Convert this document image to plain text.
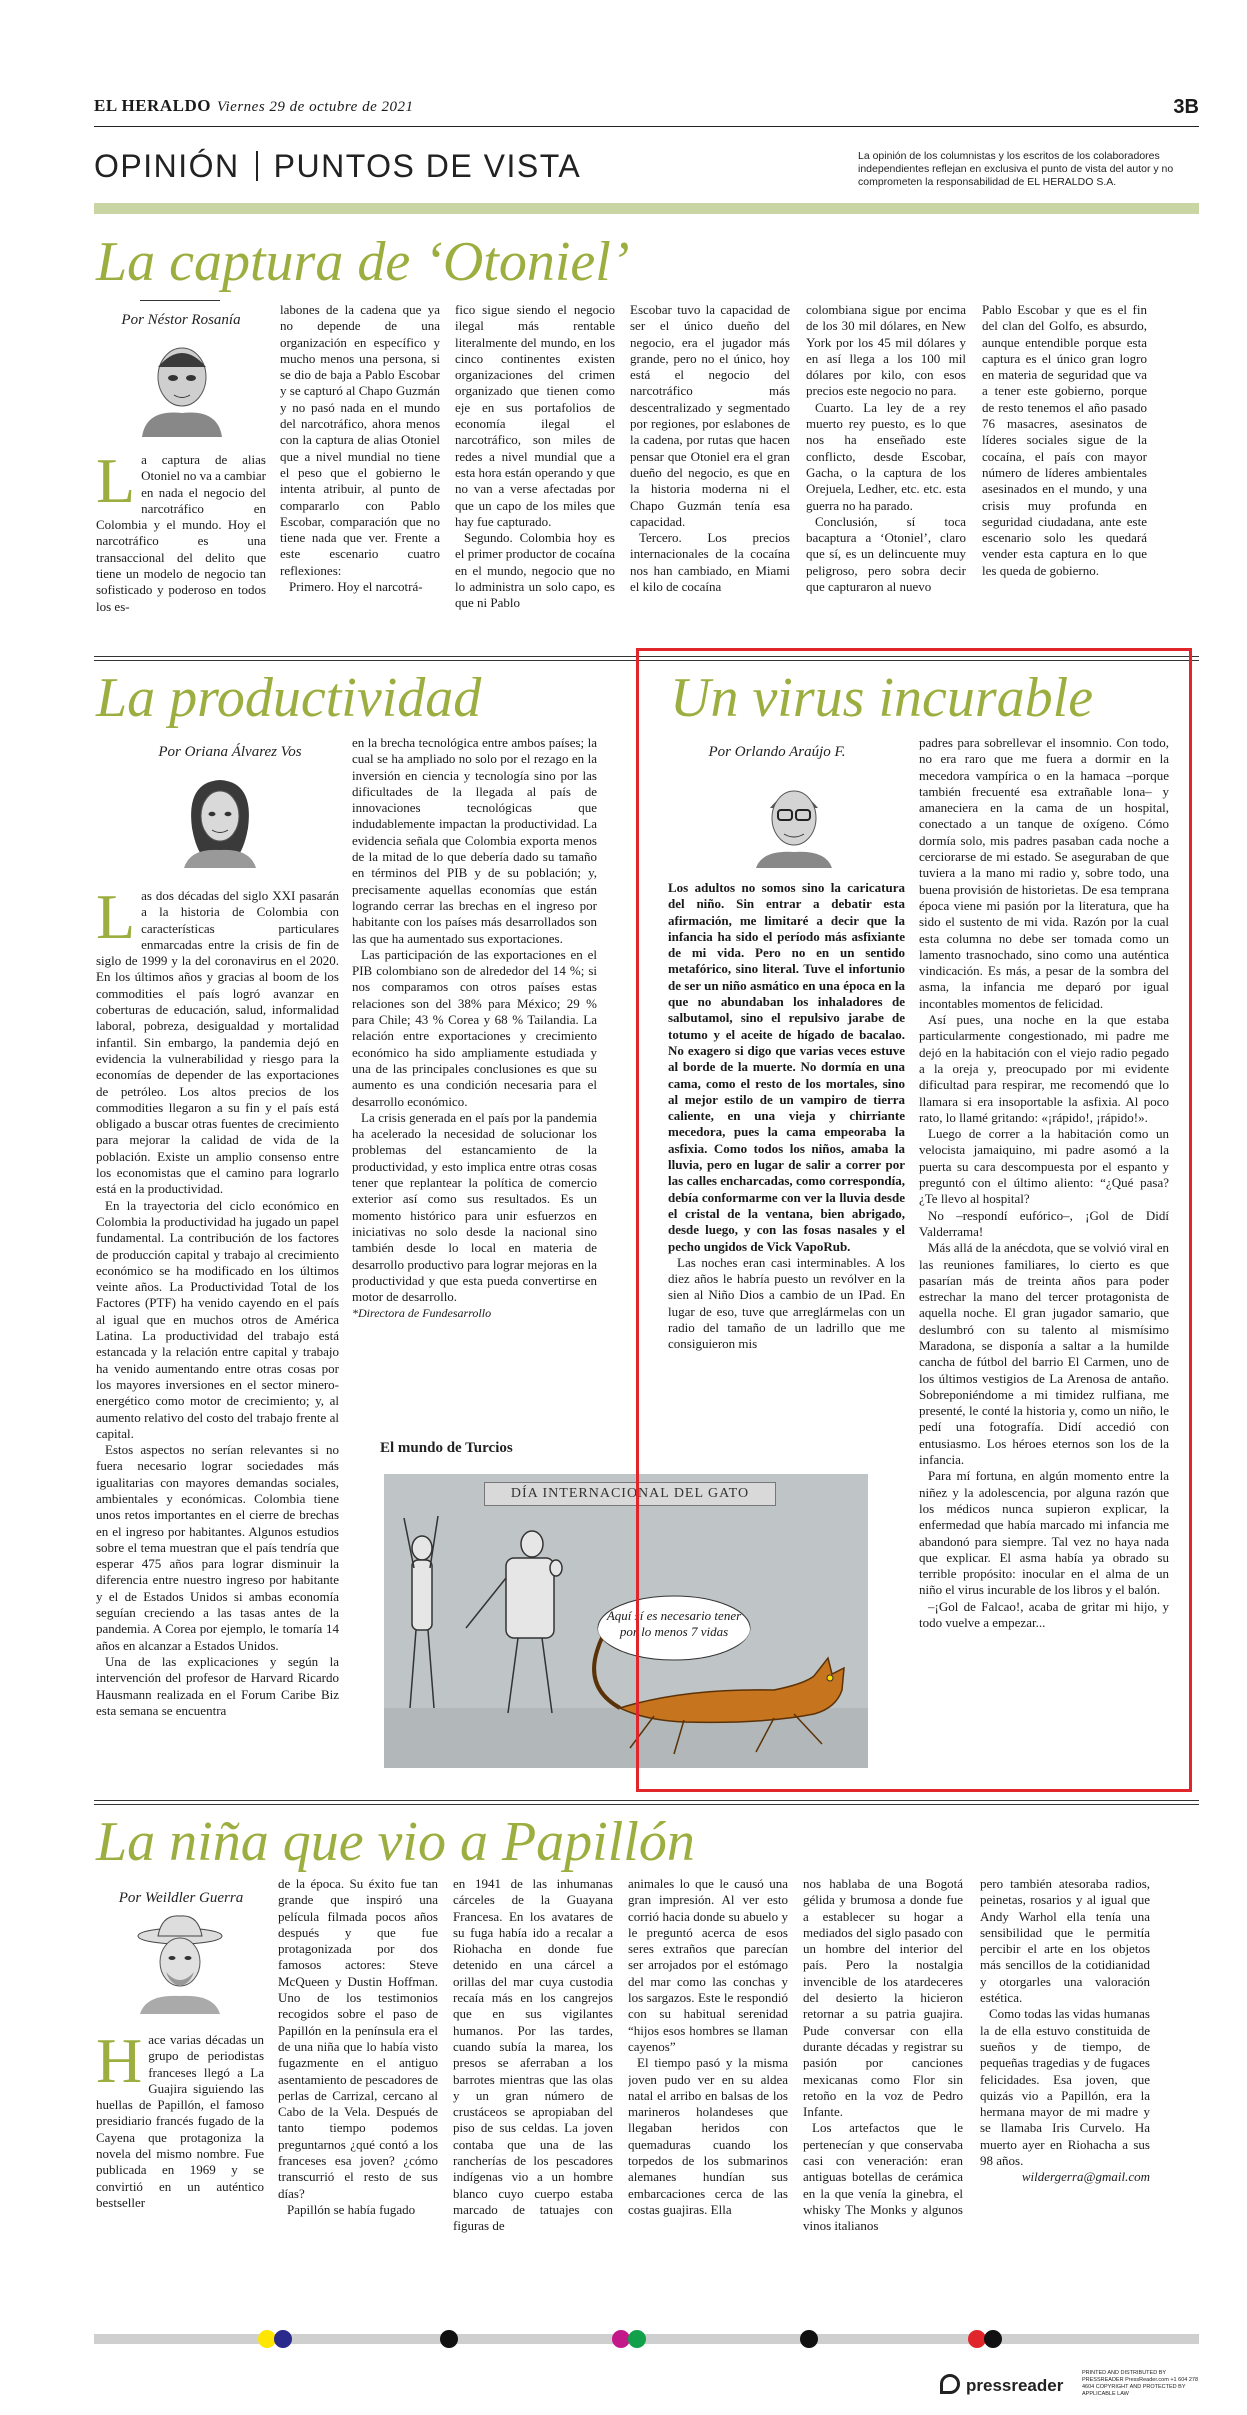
EL HERALDO Viernes 29 de octubre de 2021	3B
OPINIÓN PUNTOS DE VISTA	La opinión de los columnistas y los escritos de los colaboradores independientes reflejan en exclusiva el punto de vista del autor y no comprometen la responsabilidad de EL HERALDO S.A.
La captura de ‘Otoniel’
Por Néstor Rosanía
La captura de alias Otoniel no va a cambiar en nada el negocio del narcotráfico en Colombia y el mundo. Hoy el narcotráfico es una transaccional del delito que tiene un modelo de negocio tan sofisticado y poderoso en todos los es-

labones de la cadena que ya no depende de una organización en específico y mucho menos una persona, si se dio de baja a Pablo Escobar y se capturó al Chapo Guzmán y no pasó nada en el mundo del narcotráfico, ahora menos con la captura de alias Otoniel que a nivel mundial no tiene el peso que el gobierno le intenta atribuir, al punto de compararlo con Pablo Escobar, comparación que no tiene nada que ver. Frente a este escenario cuatro reflexiones:

Primero. Hoy el narcotrá-

fico sigue siendo el negocio ilegal más rentable literalmente del mundo, en los cinco continentes existen organizaciones del crimen organizado que tienen como eje en sus portafolios de economía ilegal el narcotráfico, son miles de redes a nivel mundial que a esta hora están operando y que no van a verse afectadas por que un capo de los miles que hay fue capturado.

Segundo. Colombia hoy es el primer productor de cocaína en el mundo, negocio que no lo administra un solo capo, es que ni Pablo

Escobar tuvo la capacidad de ser el único dueño del negocio, era el jugador más grande, pero no el único, hoy está el negocio del narcotráfico más descentralizado y segmentado por regiones, por eslabones de la cadena, por rutas que hacen pensar que Otoniel era el gran dueño del negocio, es que en la historia moderna ni el Chapo Guzmán tenía esa capacidad.

Tercero. Los precios internacionales de la cocaína nos han cambiado, en Miami el kilo de cocaína

colombiana sigue por encima de los 30 mil dólares, en New York por los 45 mil dólares y en así llega a los 100 mil dólares por kilo, con esos precios este negocio no para.

Cuarto. La ley de a rey muerto rey puesto, es lo que nos ha enseñado este conflicto, desde Escobar, Gacha, o la captura de los Orejuela, Ledher, etc. etc. esta guerra no ha parado.

Conclusión, sí toca bacaptura a ‘Otoniel’, claro que sí, es un delincuente muy peligroso, pero sobra decir que capturaron al nuevo

Pablo Escobar y que es el fin del clan del Golfo, es absurdo, aunque entendible porque esta captura es el único gran logro en materia de seguridad que va a tener este gobierno, porque de resto tenemos el año pasado 76 masacres, asesinatos de líderes sociales sigue de la cocaína, el país con mayor número de líderes ambientales asesinados en el mundo, y una crisis muy profunda en seguridad ciudadana, ante este escenario solo les quedará vender esta captura en lo que les queda de gobierno.

La productividad
Por Oriana Álvarez Vos

Las dos décadas del siglo XXI pasarán a la historia de Colombia con características particulares enmarcadas entre la crisis de fin de siglo de 1999 y la del coronavirus en el 2020. En los últimos años y gracias al boom de los commodities el país logró avanzar en coberturas de educación, salud, informalidad laboral, pobreza, desigualdad y mortalidad infantil. Sin embargo, la pandemia dejó en evidencia la vulnerabilidad y riesgo para la economías de depender de las exportaciones de petróleo. Los altos precios de los commodities llegaron a su fin y el país está obligado a buscar otras fuentes de crecimiento para mejorar la calidad de vida de la población. Existe un amplio consenso entre los economistas que el camino para lograrlo está en la productividad.

En la trayectoria del ciclo económico en Colombia la productividad ha jugado un papel fundamental. La contribución de los factores de producción capital y trabajo al crecimiento económico se ha modificado en los últimos veinte años. La Productividad Total de los Factores (PTF) ha venido cayendo en el país al igual que en muchos otros de América Latina. La productividad del trabajo está estancada y la relación entre capital y trabajo ha venido aumentando entre otras cosas por los mayores inversiones en el sector minero-energético como motor de crecimiento; y, al aumento relativo del costo del trabajo frente al capital.

Estos aspectos no serían relevantes si no fuera necesario lograr sociedades más igualitarias con mayores demandas sociales, ambientales y económicas. Colombia tiene unos retos importantes en el cierre de brechas en el ingreso por habitantes. Algunos estudios sobre el tema muestran que el país tendría que esperar 475 años para lograr disminuir la diferencia entre nuestro ingreso por habitante y el de Estados Unidos si ambas economía seguían creciendo a las tasas antes de la pandemia. A Corea por ejemplo, le tomaría 14 años en alcanzar a Estados Unidos.

Una de las explicaciones y según la intervención del profesor de Harvard Ricardo Hausmann realizada en el Forum Caribe Biz esta semana se encuentra

en la brecha tecnológica entre ambos países; la cual se ha ampliado no solo por el rezago en la inversión en ciencia y tecnología sino por las dificultades de la llegada al país de innovaciones tecnológicas que indudablemente impactan la productividad. La evidencia señala que Colombia exporta menos de la mitad de lo que debería dado su tamaño en términos del PIB y de su población; y, precisamente aquellas economías que están logrando cerrar las brechas en el ingreso por habitante con los países más desarrollados son las que ha aumentado sus exportaciones.

Las participación de las exportaciones en el PIB colombiano son de alrededor del 14 %; si nos comparamos con otros países estas relaciones son del 38% para México; 29 % para Chile; 43 % Corea y 68 % Tailandia. La relación entre exportaciones y crecimiento económico ha sido ampliamente estudiada y una de las principales conclusiones es que su aumento es una condición necesaria para el desarrollo económico.

La crisis generada en el país por la pandemia ha acelerado la necesidad de solucionar los problemas del estancamiento de la productividad, y esto implica entre otras cosas tener que replantear la política de comercio exterior así como sus resultados. Es un momento histórico para unir esfuerzos en iniciativas no solo desde la nacional sino también desde lo local en materia de desarrollo productivo para lograr mejoras en la productividad y que esta pueda convertirse en motor de desarrollo.

*Directora de Fundesarrollo

El mundo de Turcios
DÍA INTERNACIONAL DEL GATO
Aquí sí es necesario tener por lo menos 7 vidas
Un virus incurable
Por Orlando Araújo F.

Los adultos no somos sino la caricatura del niño. Sin entrar a debatir esta afirmación, me limitaré a decir que la infancia ha sido el período más asfixiante de mi vida. Pero no en un sentido metafórico, sino literal. Tuve el infortunio de ser un niño asmático en una época en la que no abundaban los inhaladores de salbutamol, sino el repulsivo jarabe de totumo y el aceite de hígado de bacalao. No exagero si digo que varias veces estuve al borde de la muerte. No dormía en una cama, como el resto de los mortales, sino al mejor estilo de un vampiro de tierra caliente, en una vieja y chirriante mecedora, pues la cama empeoraba la asfixia. Como todos los niños, amaba la lluvia, pero en lugar de salir a correr por las calles encharcadas, como correspondía, debía conformarme con ver la lluvia desde el cristal de la ventana, bien abrigado, desde luego, y con las fosas nasales y el pecho ungidos de Vick VapoRub.

Las noches eran casi interminables. A los diez años le habría puesto un revólver en la sien al Niño Dios a cambio de un IPad. En lugar de eso, tuve que arreglármelas con un radio del tamaño de un ladrillo que me consiguieron mis

padres para sobrellevar el insomnio. Con todo, no era raro que me fuera a dormir en la mecedora vampírica o en la hamaca –porque también frecuenté esa extrañable lona– y amaneciera en la cama de un hospital, conectado a un tanque de oxígeno. Cómo dormía solo, mis padres pasaban cada noche a cerciorarse de mi estado. Se aseguraban de que tuviera a la mano mi radio y, sobre todo, una buena provisión de historietas. De esa temprana época viene mi pasión por la literatura, que ha sido el sustento de mi vida. Razón por la cual esta columna no debe ser tomada como un lamento trasnochado, sino como una auténtica vindicación. Es más, a pesar de la sombra del asma, la infancia me deparó por igual incontables momentos de felicidad.

Así pues, una noche en la que estaba particularmente congestionado, mi padre me dejó en la habitación con el viejo radio pegado a la oreja y, preocupado por mi evidente dificultad para respirar, me recomendó que lo llamara si era insoportable la asfixia. Al poco rato, lo llamé gritando: «¡rápido!, ¡rápido!».

Luego de correr a la habitación como un velocista jamaiquino, mi padre asomó a la puerta su cara descompuesta por el espanto y preguntó con el último aliento: “¿Qué pasa? ¿Te llevo al hospital?

No –respondí eufórico–, ¡Gol de Didí Valderrama!

Más allá de la anécdota, que se volvió viral en las reuniones familiares, lo cierto es que pasarían más de treinta años para poder estrechar la mano del tercer protagonista de aquella noche. El gran jugador samario, que deslumbró con su talento al mismísimo Maradona, se disponía a saltar a la humilde cancha de fútbol del barrio El Carmen, uno de los últimos vestigios de La Arenosa de antaño. Sobreponiéndome a mi timidez rulfiana, me presenté, le conté la historia y, como un niño, le pedí una fotografía. Didí accedió con entusiasmo. Los héroes eternos son los de la infancia.

Para mí fortuna, en algún momento entre la niñez y la adolescencia, por alguna razón que los médicos nunca supieron explicar, la enfermedad que había marcado mi infancia me abandonó para siempre. Tal vez no haya nada que explicar. El asma había ya obrado su terrible propósito: inocular en el alma de un niño el virus incurable de los libros y el balón.

–¡Gol de Falcao!, acaba de gritar mi hijo, y todo vuelve a empezar...

La niña que vio a Papillón
Por Weildler Guerra
Hace varias décadas un grupo de periodistas franceses llegó a La Guajira siguiendo las huellas de Papillón, el famoso presidiario francés fugado de la Cayena que protagoniza la novela del mismo nombre. Fue publicada en 1969 y se convirtió en un auténtico bestseller

de la época. Su éxito fue tan grande que inspiró una película filmada pocos años después y que fue protagonizada por dos famosos actores: Steve McQueen y Dustin Hoffman. Uno de los testimonios recogidos sobre el paso de Papillón en la península era el de una niña que lo había visto fugazmente en el antiguo asentamiento de pescadores de perlas de Carrizal, cercano al Cabo de la Vela. Después de tanto tiempo podemos preguntarnos ¿qué contó a los franceses esa joven? ¿cómo transcurrió el resto de sus días?

Papillón se había fugado

en 1941 de las inhumanas cárceles de la Guayana Francesa. En los avatares de su fuga había ido a recalar a Riohacha en donde fue detenido en una cárcel a orillas del mar cuya custodia recaía más en los cangrejos que en sus vigilantes humanos. Por las tardes, cuando subía la marea, los presos se aferraban a los barrotes mientras que las olas y un gran número de crustáceos se apropiaban del piso de sus celdas. La joven contaba que una de las rancherías de los pescadores indígenas vio a un hombre blanco cuyo cuerpo estaba marcado de tatuajes con figuras de

animales lo que le causó una gran impresión. Al ver esto corrió hacia donde su abuelo y le preguntó acerca de esos seres extraños que parecían ser arrojados por el estómago del mar como las conchas y los sargazos. Este le respondió con su habitual serenidad “hijos esos hombres se llaman cayenos”

El tiempo pasó y la misma joven pudo ver en su aldea natal el arribo en balsas de los marineros holandeses que llegaban heridos con quemaduras cuando los torpedos de los submarinos alemanes hundían sus embarcaciones cerca de las costas guajiras. Ella

nos hablaba de una Bogotá gélida y brumosa a donde fue a establecer su hogar a mediados del siglo pasado con un hombre del interior del país. Pero la nostalgia invencible de los atardeceres del desierto la hicieron retornar a su patria guajira. Pude conversar con ella durante décadas y registrar su pasión por canciones mexicanas como Flor sin retoño en la voz de Pedro Infante.

Los artefactos que le pertenecían y que conservaba casi con veneración: eran antiguas botellas de cerámica en la que venía la ginebra, el whisky The Monks y algunos vinos italianos

pero también atesoraba radios, peinetas, rosarios y al igual que Andy Warhol ella tenía una sensibilidad que le permitía percibir el arte en los objetos más sencillos de la cotidianidad y otorgarles una valoración estética.

Como todas las vidas humanas la de ella estuvo constituida de sueños y de tiempo, de pequeñas tragedias y de fugaces felicidades. Esa joven, que quizás vio a Papillón, era la hermana mayor de mi madre y se llamaba Iris Curvelo. Ha muerto ayer en Riohacha a sus 98 años.

wildergerra@gmail.com

pressreader
PRINTED AND DISTRIBUTED BY PRESSREADER PressReader.com +1 604 278 4604 COPYRIGHT AND PROTECTED BY APPLICABLE LAW
